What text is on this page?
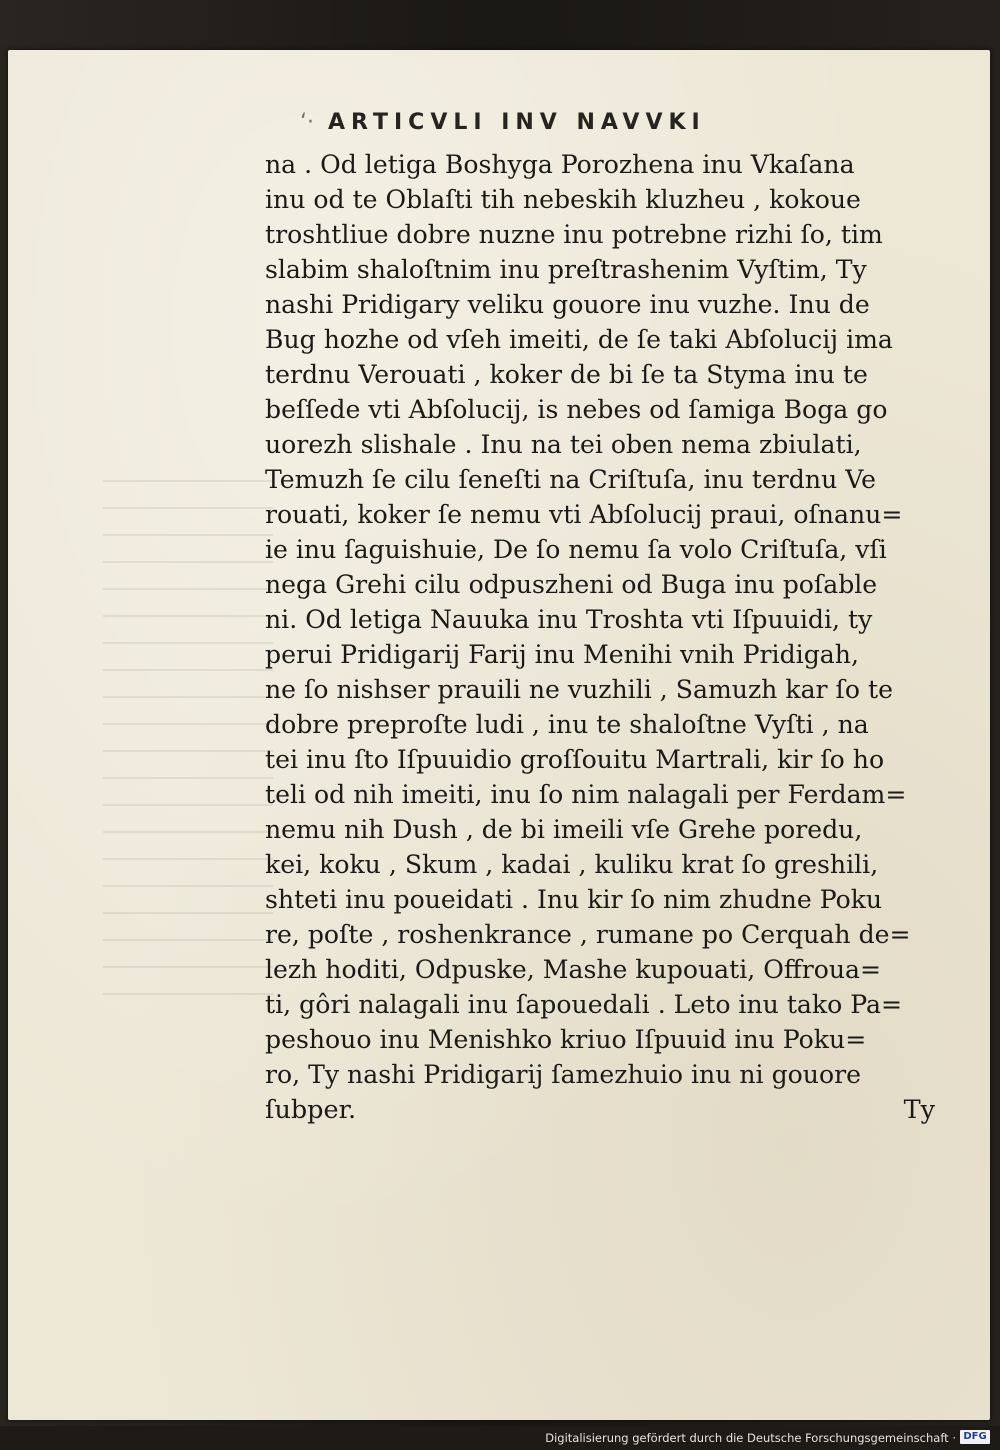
‘· ARTICVLI INV NAVVKI
na . Od letiga Boshyga Porozhena inu Vkaſana
inu od te Oblaſti tih nebeskih kluzheu , kokoue
troshtliue dobre nuzne inu potrebne rizhi ſo, tim
slabim shaloſtnim inu preſtrashenim Vyſtim, Ty
nashi Pridigary veliku gouore inu vuzhe. Inu de
Bug hozhe od vſeh imeiti, de ſe taki Abſolucij ima
terdnu Verouati , koker de bi ſe ta Styma inu te
beſſede vti Abſolucij, is nebes od ſamiga Boga go
uorezh slishale . Inu na tei oben nema zbiulati,
Temuzh ſe cilu ſeneſti na Criſtuſa, inu terdnu Ve
rouati, koker ſe nemu vti Abſolucij praui, oſnanu=
ie inu ſaguishuie, De ſo nemu ſa volo Criſtuſa, vſi
nega Grehi cilu odpuszheni od Buga inu poſable
ni. Od letiga Nauuka inu Troshta vti Iſpuuidi, ty
perui Pridigarij Farij inu Menihi vnih Pridigah,
ne ſo nishser prauili ne vuzhili , Samuzh kar ſo te
dobre preproſte ludi , inu te shaloſtne Vyſti , na
tei inu ſto Iſpuuidio groſſouitu Martrali, kir ſo ho
teli od nih imeiti, inu ſo nim nalagali per Ferdam=
nemu nih Dush , de bi imeili vſe Grehe poredu,
kei, koku , Skum , kadai , kuliku krat ſo greshili,
shteti inu poueidati . Inu kir ſo nim zhudne Poku
re, poſte , roshenkrance , rumane po Cerquah de=
lezh hoditi, Odpuske, Mashe kupouati, Offroua=
ti, gôri nalagali inu ſapouedali . Leto inu tako Pa=
peshouo inu Menishko kriuo Iſpuuid inu Poku=
ro, Ty nashi Pridigarij ſamezhuio inu ni gouore
ſubper.	Ty
Digitalisierung gefördert durch die Deutsche Forschungsgemeinschaft · DFG
